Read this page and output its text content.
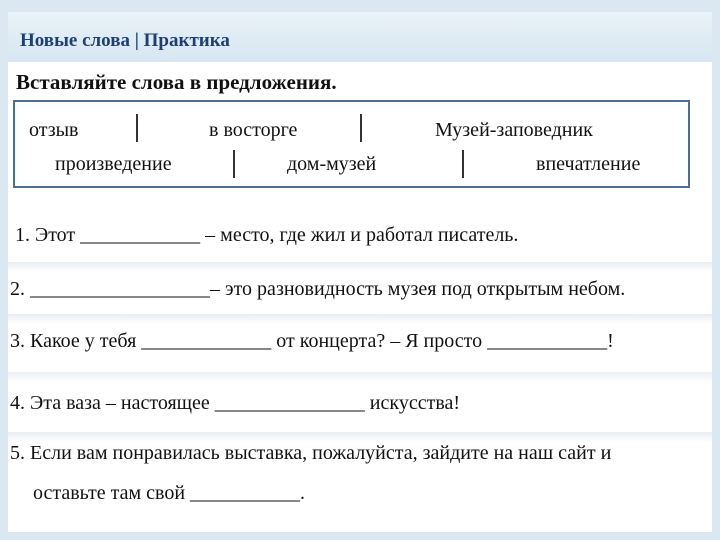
Новые слова | Практика
Вставляйте слова в предложения.
отзыв	в восторге	Музей-заповедник
произведение	дом-музей	впечатление
1. Этот ____________ – место, где жил и работал писатель.
2. __________________– это разновидность музея под открытым небом.
3. Какое у тебя _____________ от концерта? – Я просто ____________!
4. Эта ваза – настоящее _______________ искусства!
5. Если вам понравилась выставка, пожалуйста, зайдите на наш сайт и
оставьте там свой ___________.
